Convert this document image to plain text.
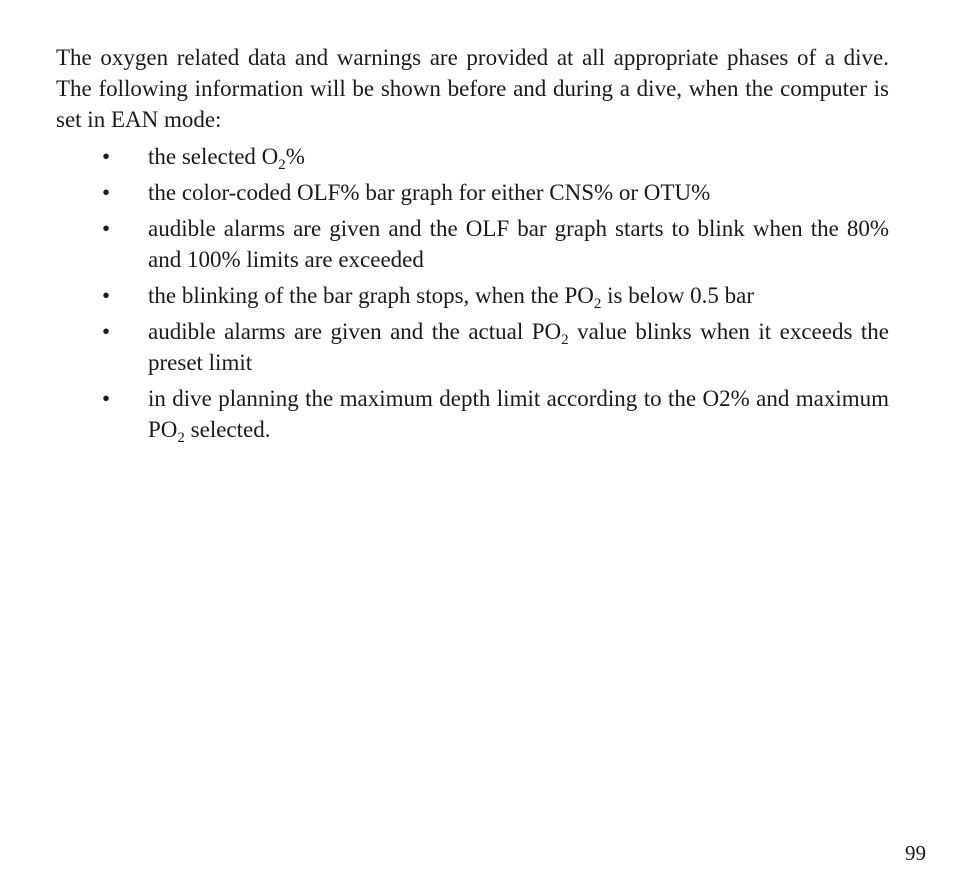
The oxygen related data and warnings are provided at all appropriate phases of a dive. The following information will be shown before and during a dive, when the computer is set in EAN mode:

• the selected $O_2\%$
• the color-coded OLF% bar graph for either CNS% or OTU%
• audible alarms are given and the OLF bar graph starts to blink when the 80% and 100% limits are exceeded
• the blinking of the bar graph stops, when the $PO_2$ is below 0.5 bar
• audible alarms are given and the actual $PO_2$ value blinks when it exceeds the preset limit
• in dive planning the maximum depth limit according to the O2% and maximum $PO_2$ selected.
99
